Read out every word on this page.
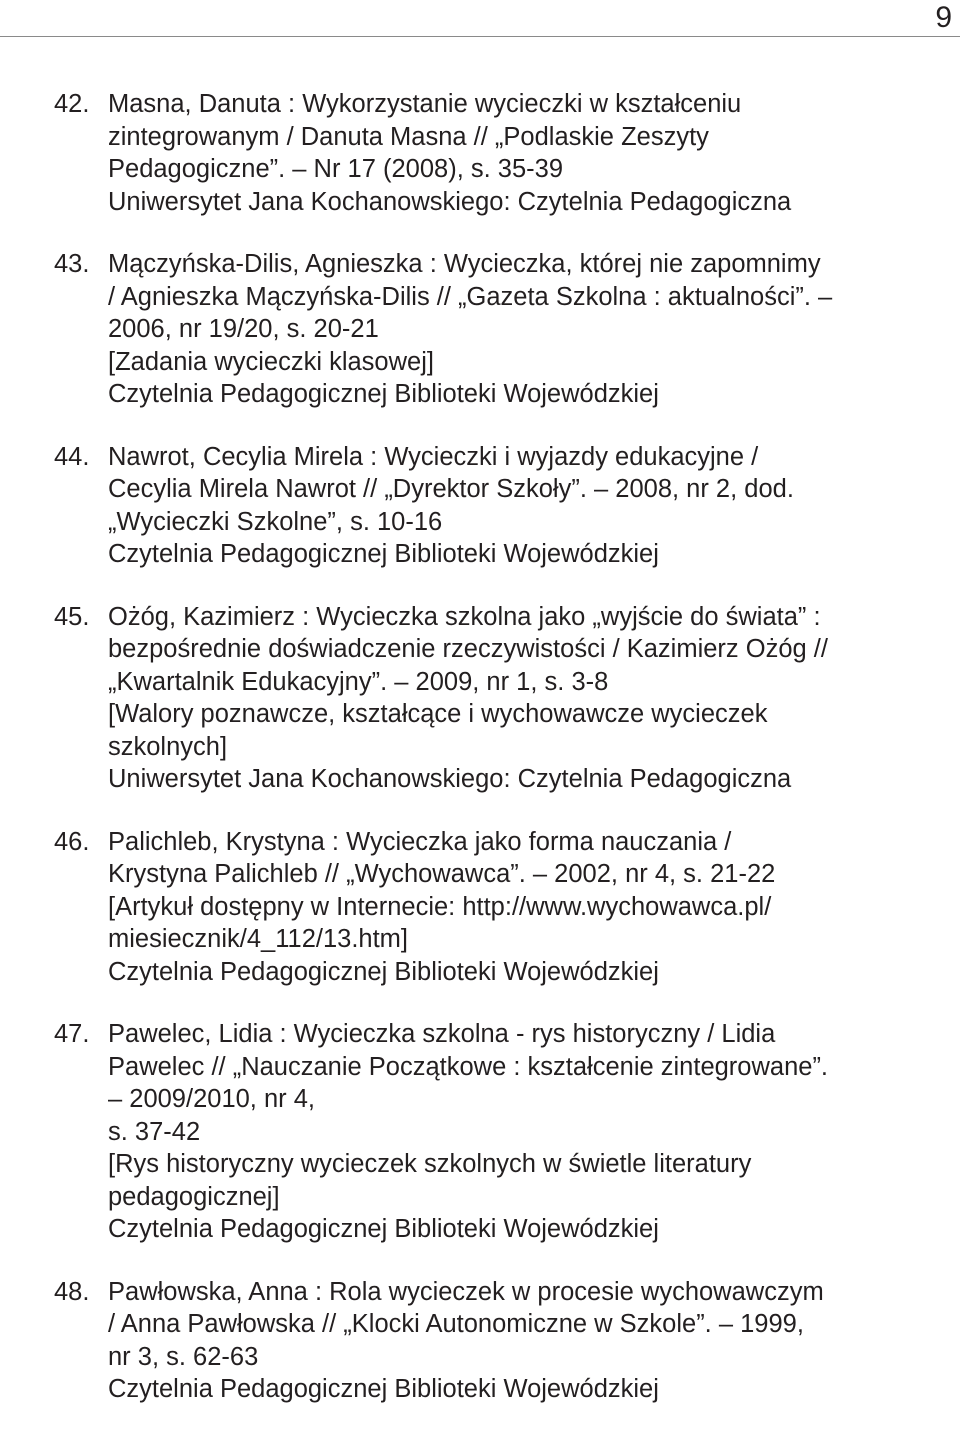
9
42. Masna, Danuta : Wykorzystanie wycieczki w kształceniu
zintegrowanym / Danuta Masna // „Podlaskie Zeszyty
Pedagogiczne”. – Nr 17 (2008), s. 35-39
Uniwersytet Jana Kochanowskiego: Czytelnia Pedagogiczna
43. Mączyńska-Dilis, Agnieszka : Wycieczka, której nie zapomnimy
/ Agnieszka Mączyńska-Dilis // „Gazeta Szkolna : aktualności”. –
2006, nr 19/20, s. 20-21
[Zadania wycieczki klasowej]
Czytelnia Pedagogicznej Biblioteki Wojewódzkiej
44. Nawrot, Cecylia Mirela : Wycieczki i wyjazdy edukacyjne /
Cecylia Mirela Nawrot // „Dyrektor Szkoły”. – 2008, nr 2, dod.
„Wycieczki Szkolne”, s. 10-16
Czytelnia Pedagogicznej Biblioteki Wojewódzkiej
45. Ożóg, Kazimierz : Wycieczka szkolna jako „wyjście do świata” :
bezpośrednie doświadczenie rzeczywistości / Kazimierz Ożóg //
„Kwartalnik Edukacyjny”. – 2009, nr 1, s. 3-8
[Walory poznawcze, kształcące i wychowawcze wycieczek
szkolnych]
Uniwersytet Jana Kochanowskiego: Czytelnia Pedagogiczna
46. Palichleb, Krystyna : Wycieczka jako forma nauczania /
Krystyna Palichleb // „Wychowawca”. – 2002, nr 4, s. 21-22
[Artykuł dostępny w Internecie: http://www.wychowawca.pl/
miesiecznik/4_112/13.htm]
Czytelnia Pedagogicznej Biblioteki Wojewódzkiej
47. Pawelec, Lidia : Wycieczka szkolna - rys historyczny / Lidia
Pawelec // „Nauczanie Początkowe : kształcenie zintegrowane”.
– 2009/2010, nr 4,
s. 37-42
[Rys historyczny wycieczek szkolnych w świetle literatury
pedagogicznej]
Czytelnia Pedagogicznej Biblioteki Wojewódzkiej
48. Pawłowska, Anna : Rola wycieczek w procesie wychowawczym
/ Anna Pawłowska // „Klocki Autonomiczne w Szkole”. – 1999,
nr 3, s. 62-63
Czytelnia Pedagogicznej Biblioteki Wojewódzkiej
